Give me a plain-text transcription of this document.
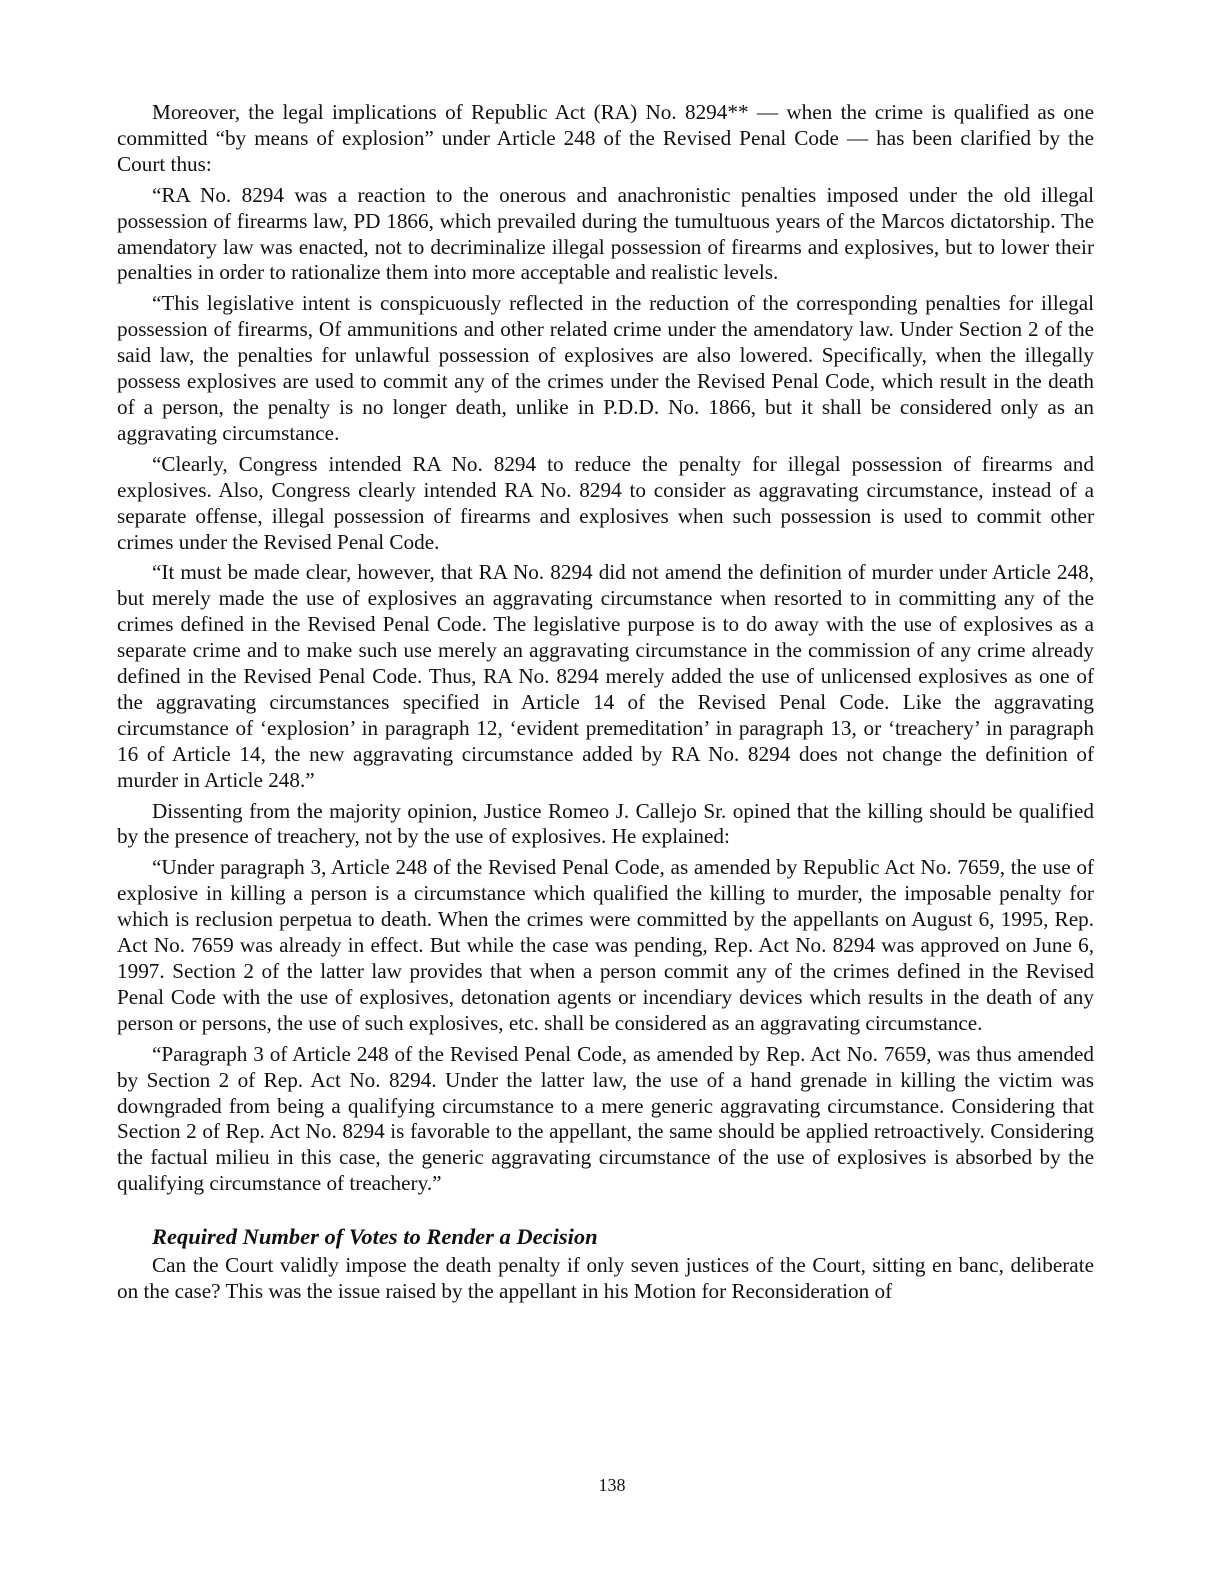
Moreover, the legal implications of Republic Act (RA) No. 8294** — when the crime is qualified as one committed “by means of explosion” under Article 248 of the Revised Penal Code — has been clarified by the Court thus:

“RA No. 8294 was a reaction to the onerous and anachronistic penalties imposed under the old illegal possession of firearms law, PD 1866, which prevailed during the tumultuous years of the Marcos dictatorship. The amendatory law was enacted, not to decriminalize illegal possession of firearms and explosives, but to lower their penalties in order to rationalize them into more acceptable and realistic levels.

“This legislative intent is conspicuously reflected in the reduction of the corresponding penalties for illegal possession of firearms, Of ammunitions and other related crime under the amendatory law. Under Section 2 of the said law, the penalties for unlawful possession of explosives are also lowered. Specifically, when the illegally possess explosives are used to commit any of the crimes under the Revised Penal Code, which result in the death of a person, the penalty is no longer death, unlike in P.D.D. No. 1866, but it shall be considered only as an aggravating circumstance.

“Clearly, Congress intended RA No. 8294 to reduce the penalty for illegal possession of firearms and explosives. Also, Congress clearly intended RA No. 8294 to consider as aggravating circumstance, instead of a separate offense, illegal possession of firearms and explosives when such possession is used to commit other crimes under the Revised Penal Code.

“It must be made clear, however, that RA No. 8294 did not amend the definition of murder under Article 248, but merely made the use of explosives an aggravating circumstance when resorted to in committing any of the crimes defined in the Revised Penal Code. The legislative purpose is to do away with the use of explosives as a separate crime and to make such use merely an aggravating circumstance in the commission of any crime already defined in the Revised Penal Code. Thus, RA No. 8294 merely added the use of unlicensed explosives as one of the aggravating circumstances specified in Article 14 of the Revised Penal Code. Like the aggravating circumstance of ‘explosion’ in paragraph 12, ‘evident premeditation’ in paragraph 13, or ‘treachery’ in paragraph 16 of Article 14, the new aggravating circumstance added by RA No. 8294 does not change the definition of murder in Article 248.”

Dissenting from the majority opinion, Justice Romeo J. Callejo Sr. opined that the killing should be qualified by the presence of treachery, not by the use of explosives. He explained:

“Under paragraph 3, Article 248 of the Revised Penal Code, as amended by Republic Act No. 7659, the use of explosive in killing a person is a circumstance which qualified the killing to murder, the imposable penalty for which is reclusion perpetua to death. When the crimes were committed by the appellants on August 6, 1995, Rep. Act No. 7659 was already in effect. But while the case was pending, Rep. Act No. 8294 was approved on June 6, 1997. Section 2 of the latter law provides that when a person commit any of the crimes defined in the Revised Penal Code with the use of explosives, detonation agents or incendiary devices which results in the death of any person or persons, the use of such explosives, etc. shall be considered as an aggravating circumstance.

“Paragraph 3 of Article 248 of the Revised Penal Code, as amended by Rep. Act No. 7659, was thus amended by Section 2 of Rep. Act No. 8294. Under the latter law, the use of a hand grenade in killing the victim was downgraded from being a qualifying circumstance to a mere generic aggravating circumstance. Considering that Section 2 of Rep. Act No. 8294 is favorable to the appellant, the same should be applied retroactively. Considering the factual milieu in this case, the generic aggravating circumstance of the use of explosives is absorbed by the qualifying circumstance of treachery.”

Required Number of Votes to Render a Decision

Can the Court validly impose the death penalty if only seven justices of the Court, sitting en banc, deliberate on the case? This was the issue raised by the appellant in his Motion for Reconsideration of

138
